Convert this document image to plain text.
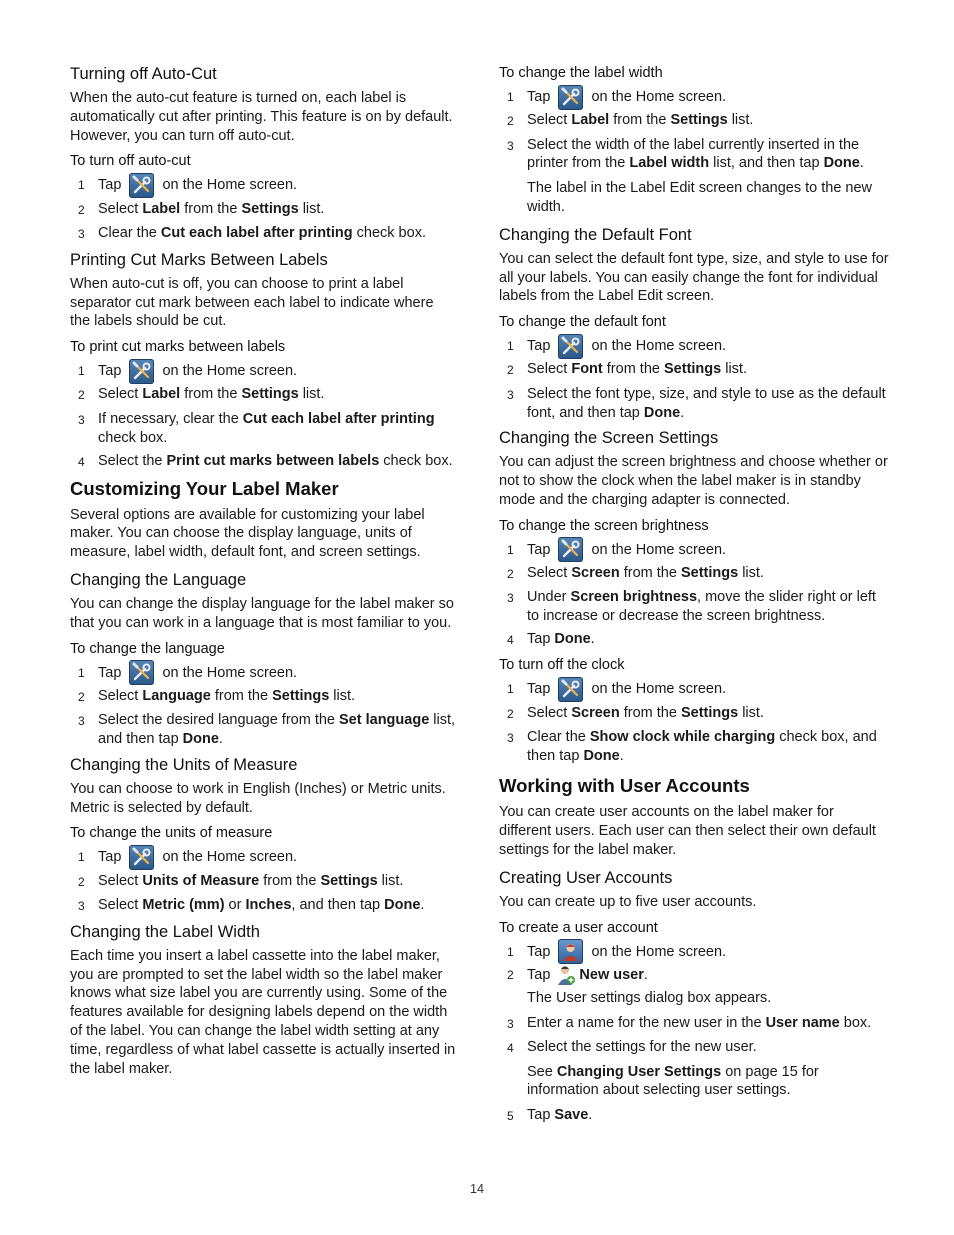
Turning off Auto-Cut

When the auto-cut feature is turned on, each label is automatically cut after printing. This feature is on by default. However, you can turn off auto-cut.

To turn off auto-cut

1 Tap
on the Home screen.
2 Select Label from the Settings list.
3 Clear the Cut each label after printing check box.
Printing Cut Marks Between Labels

When auto-cut is off, you can choose to print a label separator cut mark between each label to indicate where the labels should be cut.

To print cut marks between labels

1 Tap
on the Home screen.
2 Select Label from the Settings list.
3 If necessary, clear the Cut each label after printing check box.
4 Select the Print cut marks between labels check box.
Customizing Your Label Maker

Several options are available for customizing your label maker. You can choose the display language, units of measure, label width, default font, and screen settings.

Changing the Language

You can change the display language for the label maker so that you can work in a language that is most familiar to you.

To change the language

1 Tap
on the Home screen.
2 Select Language from the Settings list.
3 Select the desired language from the Set language list, and then tap Done.
Changing the Units of Measure

You can choose to work in English (Inches) or Metric units. Metric is selected by default.

To change the units of measure

1 Tap
on the Home screen.
2 Select Units of Measure from the Settings list.
3 Select Metric (mm) or Inches, and then tap Done.
Changing the Label Width

Each time you insert a label cassette into the label maker, you are prompted to set the label width so the label maker knows what size label you are currently using. Some of the features available for designing labels depend on the width of the label. You can change the label width setting at any time, regardless of what label cassette is actually inserted in the label maker.

To change the label width

1 Tap
on the Home screen.
2 Select Label from the Settings list.
3 Select the width of the label currently inserted in the printer from the Label width list, and then tap Done.

The label in the Label Edit screen changes to the new width.

Changing the Default Font

You can select the default font type, size, and style to use for all your labels. You can easily change the font for individual labels from the Label Edit screen.

To change the default font

1 Tap
on the Home screen.
2 Select Font from the Settings list.
3 Select the font type, size, and style to use as the default font, and then tap Done.
Changing the Screen Settings

You can adjust the screen brightness and choose whether or not to show the clock when the label maker is in standby mode and the charging adapter is connected.

To change the screen brightness

1 Tap
on the Home screen.
2 Select Screen from the Settings list.
3 Under Screen brightness, move the slider right or left to increase or decrease the screen brightness.
4 Tap Done.

To turn off the clock

1 Tap
on the Home screen.
2 Select Screen from the Settings list.
3 Clear the Show clock while charging check box, and then tap Done.
Working with User Accounts

You can create user accounts on the label maker for different users. Each user can then select their own default settings for the label maker.

Creating User Accounts

You can create up to five user accounts.

To create a user account

1 Tap
on the Home screen.
2 Tap
New user.

The User settings dialog box appears.

3 Enter a name for the new user in the User name box.
4 Select the settings for the new user.

See Changing User Settings on page 15 for information about selecting user settings.

5 Tap Save.
14
